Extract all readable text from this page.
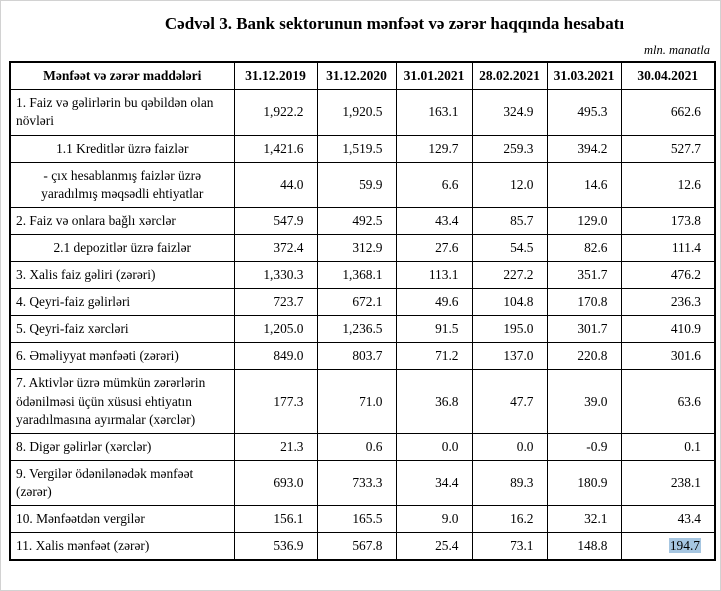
Cədvəl 3. Bank sektorunun mənfəət və zərər haqqında hesabatı
mln. manatla
Mənfəət və zərər maddələri	31.12.2019	31.12.2020	31.01.2021	28.02.2021	31.03.2021	30.04.2021
1. Faiz və gəlirlərin bu qəbildən olan növləri	1,922.2	1,920.5	163.1	324.9	495.3	662.6
1.1 Kreditlər üzrə faizlər	1,421.6	1,519.5	129.7	259.3	394.2	527.7
- çıx hesablanmış faizlər üzrə yaradılmış məqsədli ehtiyatlar	44.0	59.9	6.6	12.0	14.6	12.6
2. Faiz və onlara bağlı xərclər	547.9	492.5	43.4	85.7	129.0	173.8
2.1 depozitlər üzrə faizlər	372.4	312.9	27.6	54.5	82.6	111.4
3. Xalis faiz gəliri (zərəri)	1,330.3	1,368.1	113.1	227.2	351.7	476.2
4. Qeyri-faiz gəlirləri	723.7	672.1	49.6	104.8	170.8	236.3
5. Qeyri-faiz xərcləri	1,205.0	1,236.5	91.5	195.0	301.7	410.9
6. Əməliyyat mənfəəti (zərəri)	849.0	803.7	71.2	137.0	220.8	301.6
7. Aktivlər üzrə mümkün zərərlərin ödənilməsi üçün xüsusi ehtiyatın yaradılmasına ayırmalar (xərclər)	177.3	71.0	36.8	47.7	39.0	63.6
8. Digər gəlirlər (xərclər)	21.3	0.6	0.0	0.0	-0.9	0.1
9. Vergilər ödənilənədək mənfəət (zərər)	693.0	733.3	34.4	89.3	180.9	238.1
10. Mənfəətdən vergilər	156.1	165.5	9.0	16.2	32.1	43.4
11. Xalis mənfəət (zərər)	536.9	567.8	25.4	73.1	148.8	194.7
